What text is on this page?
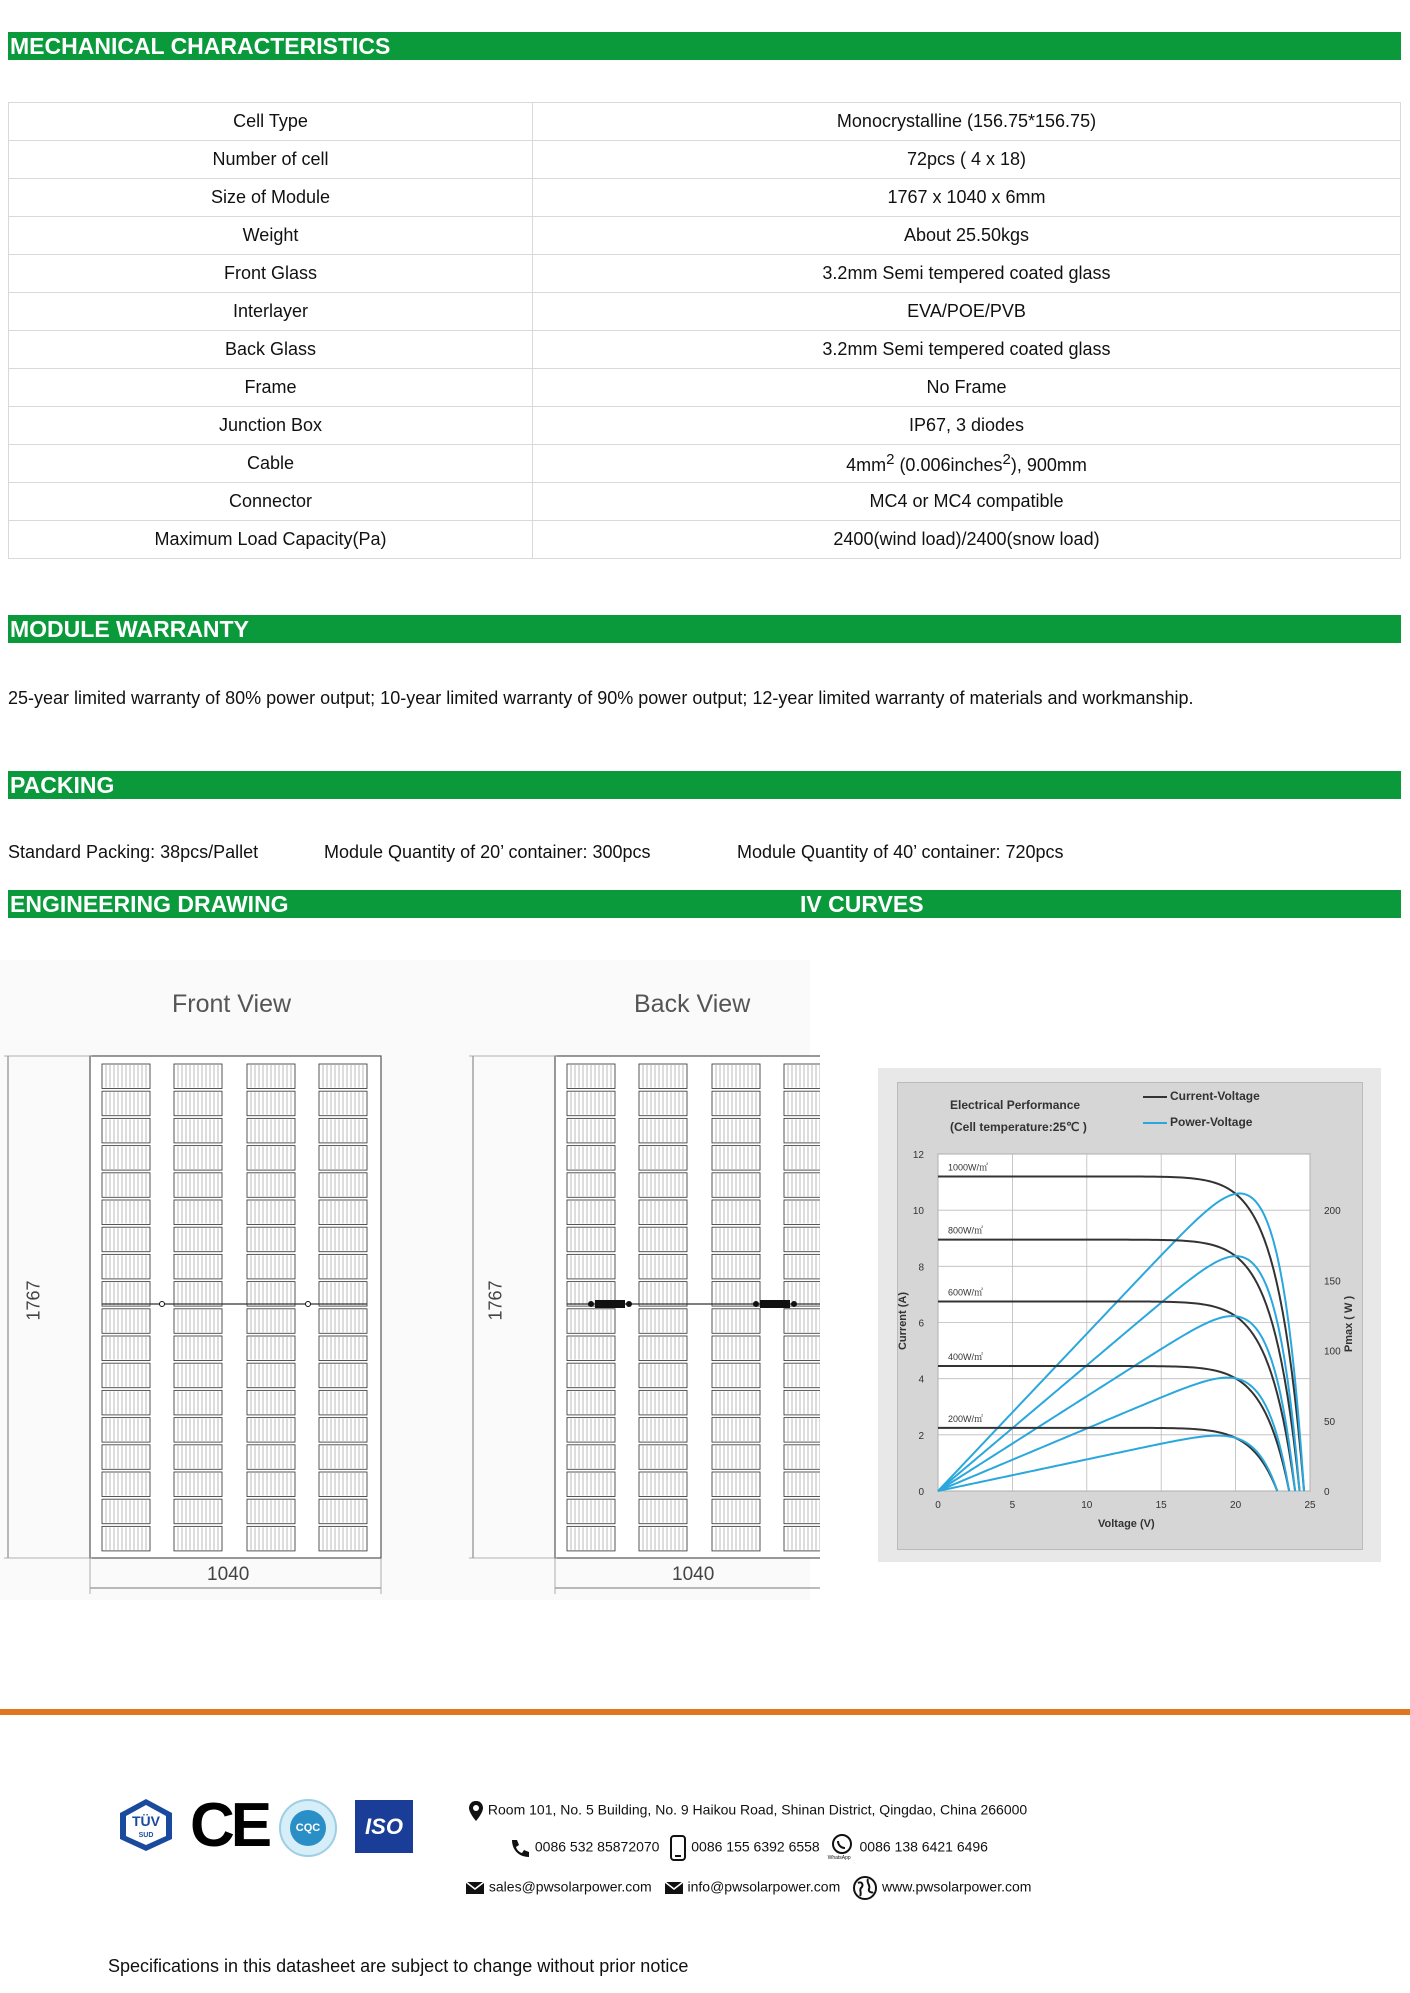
MECHANICAL CHARACTERISTICS
Cell Type	Monocrystalline (156.75*156.75)
Number of cell	72pcs ( 4 x 18)
Size of Module	1767 x 1040 x 6mm
Weight	About 25.50kgs
Front Glass	3.2mm Semi tempered coated glass
Interlayer	EVA/POE/PVB
Back Glass	3.2mm Semi tempered coated glass
Frame	No Frame
Junction Box	IP67, 3 diodes
Cable	$4mm^2$ (0.006inches$^2$), 900mm
Connector	MC4 or MC4 compatible
Maximum Load Capacity(Pa)	2400(wind load)/2400(snow load)
MODULE WARRANTY
25-year limited warranty of 80% power output; 10-year limited warranty of 90% power output; 12-year limited warranty of materials and workmanship.
PACKING
Standard Packing: 38pcs/Pallet	Module Quantity of 20’ container: 300pcs	Module Quantity of 40’ container: 720pcs
ENGINEERING DRAWING	IV CURVES
Front View	Back View
1767	1767
1040	1040
0
2
4
6
8
10
12
0	5	10	15	20	25
0
50
100
150
200
1000W/㎡
800W/㎡
600W/㎡
400W/㎡
200W/㎡
Electrical Performance
(Cell temperature:25℃ )
Current-Voltage
Power-Voltage
Voltage (V)
Current (A)	Pmax ( W )
TÜV
SUD CE	CQC	ISO
Room 101, No. 5 Building, No. 9 Haikou Road, Shinan District, Qingdao, China 266000
0086 532 85872070 0086 155 6392 6558
WhatsApp
0086 138 6421 6496
sales@pwsolarpower.com	info@pwsolarpower.com	www.pwsolarpower.com
Specifications in this datasheet are subject to change without prior notice
